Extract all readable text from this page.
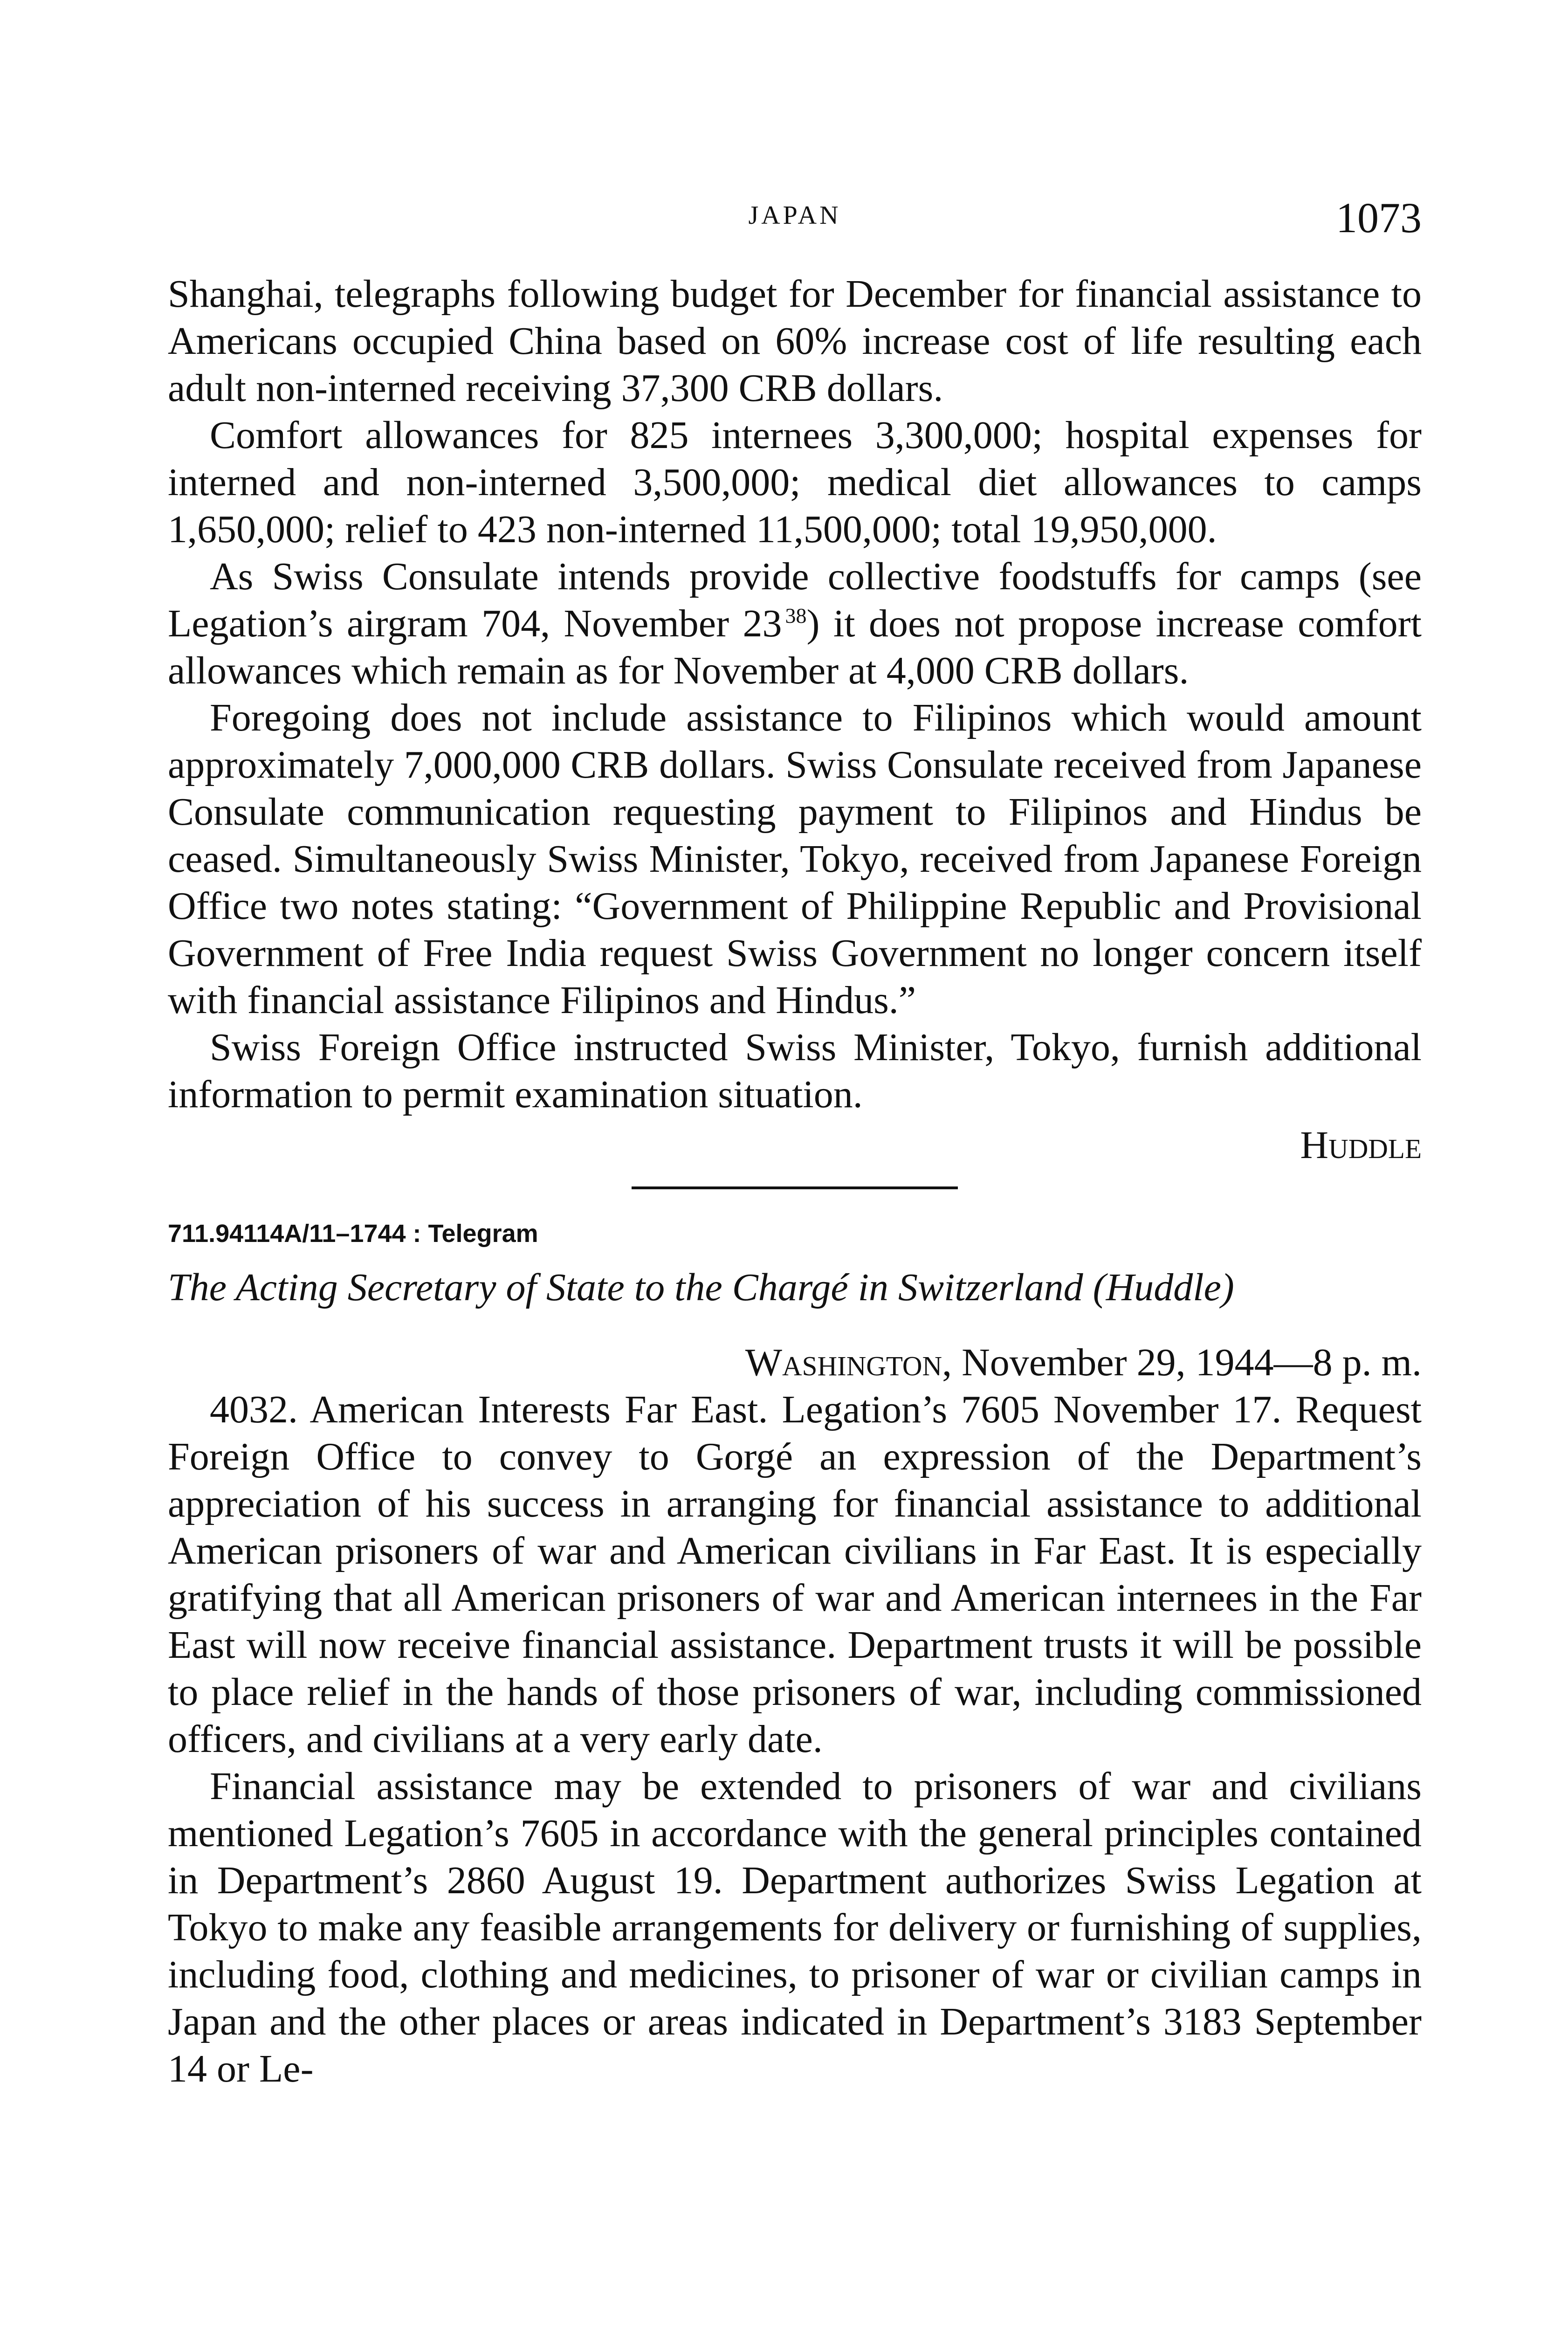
JAPAN	1073

Shanghai, telegraphs following budget for December for financial assistance to Americans occupied China based on 60% increase cost of life resulting each adult non-interned receiving 37,300 CRB dollars.

Comfort allowances for 825 internees 3,300,000; hospital expenses for interned and non-interned 3,500,000; medical diet allowances to camps 1,650,000; relief to 423 non-interned 11,500,000; total 19,950,000.

As Swiss Consulate intends provide collective foodstuffs for camps (see Legation’s airgram 704, November 23  $^{38}$) it does not propose increase comfort allowances which remain as for November at 4,000 CRB dollars.

Foregoing does not include assistance to Filipinos which would amount approximately 7,000,000 CRB dollars. Swiss Consulate received from Japanese Consulate communication requesting payment to Filipinos and Hindus be ceased. Simultaneously Swiss Minister, Tokyo, received from Japanese Foreign Office two notes stating: “Government of Philippine Republic and Provisional Government of Free India request Swiss Government no longer concern itself with financial assistance Filipinos and Hindus.”

Swiss Foreign Office instructed Swiss Minister, Tokyo, furnish additional information to permit examination situation.

Huddle

711.94114A/11–1744 : Telegram

The Acting Secretary of State to the Chargé in Switzerland (Huddle)

Washington, November 29, 1944—8 p. m.

4032. American Interests Far East. Legation’s 7605 November 17. Request Foreign Office to convey to Gorgé an expression of the Department’s appreciation of his success in arranging for financial assistance to additional American prisoners of war and American civilians in Far East. It is especially gratifying that all American prisoners of war and American internees in the Far East will now receive financial assistance. Department trusts it will be possible to place relief in the hands of those prisoners of war, including commissioned officers, and civilians at a very early date.

Financial assistance may be extended to prisoners of war and civilians mentioned Legation’s 7605 in accordance with the general principles contained in Department’s 2860 August 19. Department authorizes Swiss Legation at Tokyo to make any feasible arrangements for delivery or furnishing of supplies, including food, clothing and medicines, to prisoner of war or civilian camps in Japan and the other places or areas indicated in Department’s 3183 September 14 or Le-
